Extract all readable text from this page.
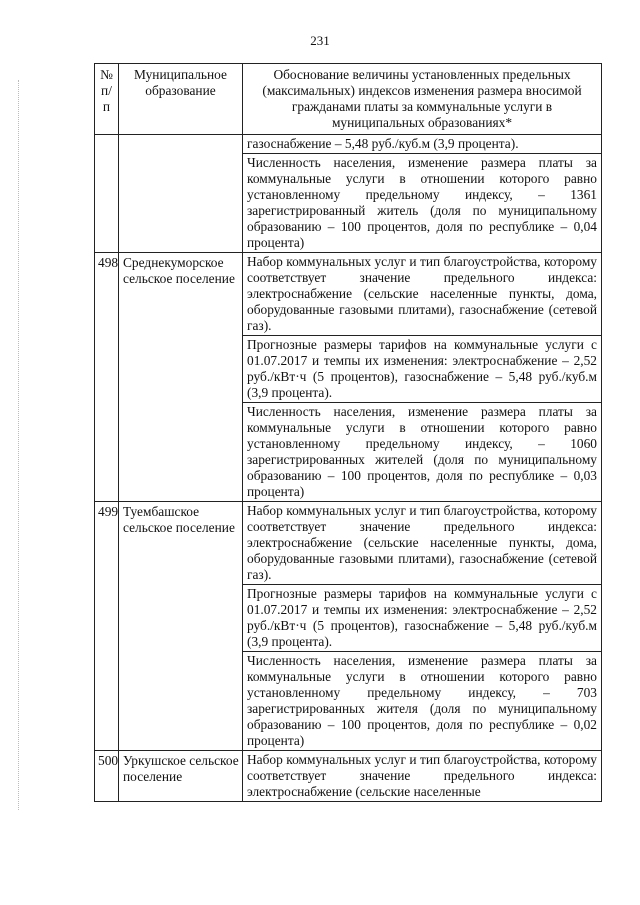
231
№ п/п	Муниципальное образование	Обоснование величины установленных предельных (максимальных) индексов изменения размера вносимой гражданами платы за коммунальные услуги в муниципальных образованиях*

		газоснабжение – 5,48 руб./куб.м (3,9 процента).

Численность населения, изменение размера платы за коммунальные услуги в отношении которого равно установленному предельному индексу, – 1361 зарегистрированный житель (доля по муниципальному образованию – 100 процентов, доля по республике – 0,04 процента)

498	Среднекуморское сельское поселение	Набор коммунальных услуг и тип благоустройства, которому соответствует значение предельного индекса: электроснабжение (сельские населенные пункты, дома, оборудованные газовыми плитами), газоснабжение (сетевой газ).

Прогнозные размеры тарифов на коммунальные услуги с 01.07.2017 и темпы их изменения: электроснабжение – 2,52 руб./кВт·ч (5 процентов), газоснабжение – 5,48 руб./куб.м (3,9 процента).

Численность населения, изменение размера платы за коммунальные услуги в отношении которого равно установленному предельному индексу, – 1060 зарегистрированных жителей (доля по муниципальному образованию – 100 процентов, доля по республике – 0,03 процента)

499	Туембашское сельское поселение	Набор коммунальных услуг и тип благоустройства, которому соответствует значение предельного индекса: электроснабжение (сельские населенные пункты, дома, оборудованные газовыми плитами), газоснабжение (сетевой газ).

Прогнозные размеры тарифов на коммунальные услуги с 01.07.2017 и темпы их изменения: электроснабжение – 2,52 руб./кВт·ч (5 процентов), газоснабжение – 5,48 руб./куб.м (3,9 процента).

Численность населения, изменение размера платы за коммунальные услуги в отношении которого равно установленному предельному индексу, – 703 зарегистрированных жителя (доля по муниципальному образованию – 100 процентов, доля по республике – 0,02 процента)

500	Уркушское сельское поселение	Набор коммунальных услуг и тип благоустройства, которому соответствует значение предельного индекса: электроснабжение (сельские населенные
